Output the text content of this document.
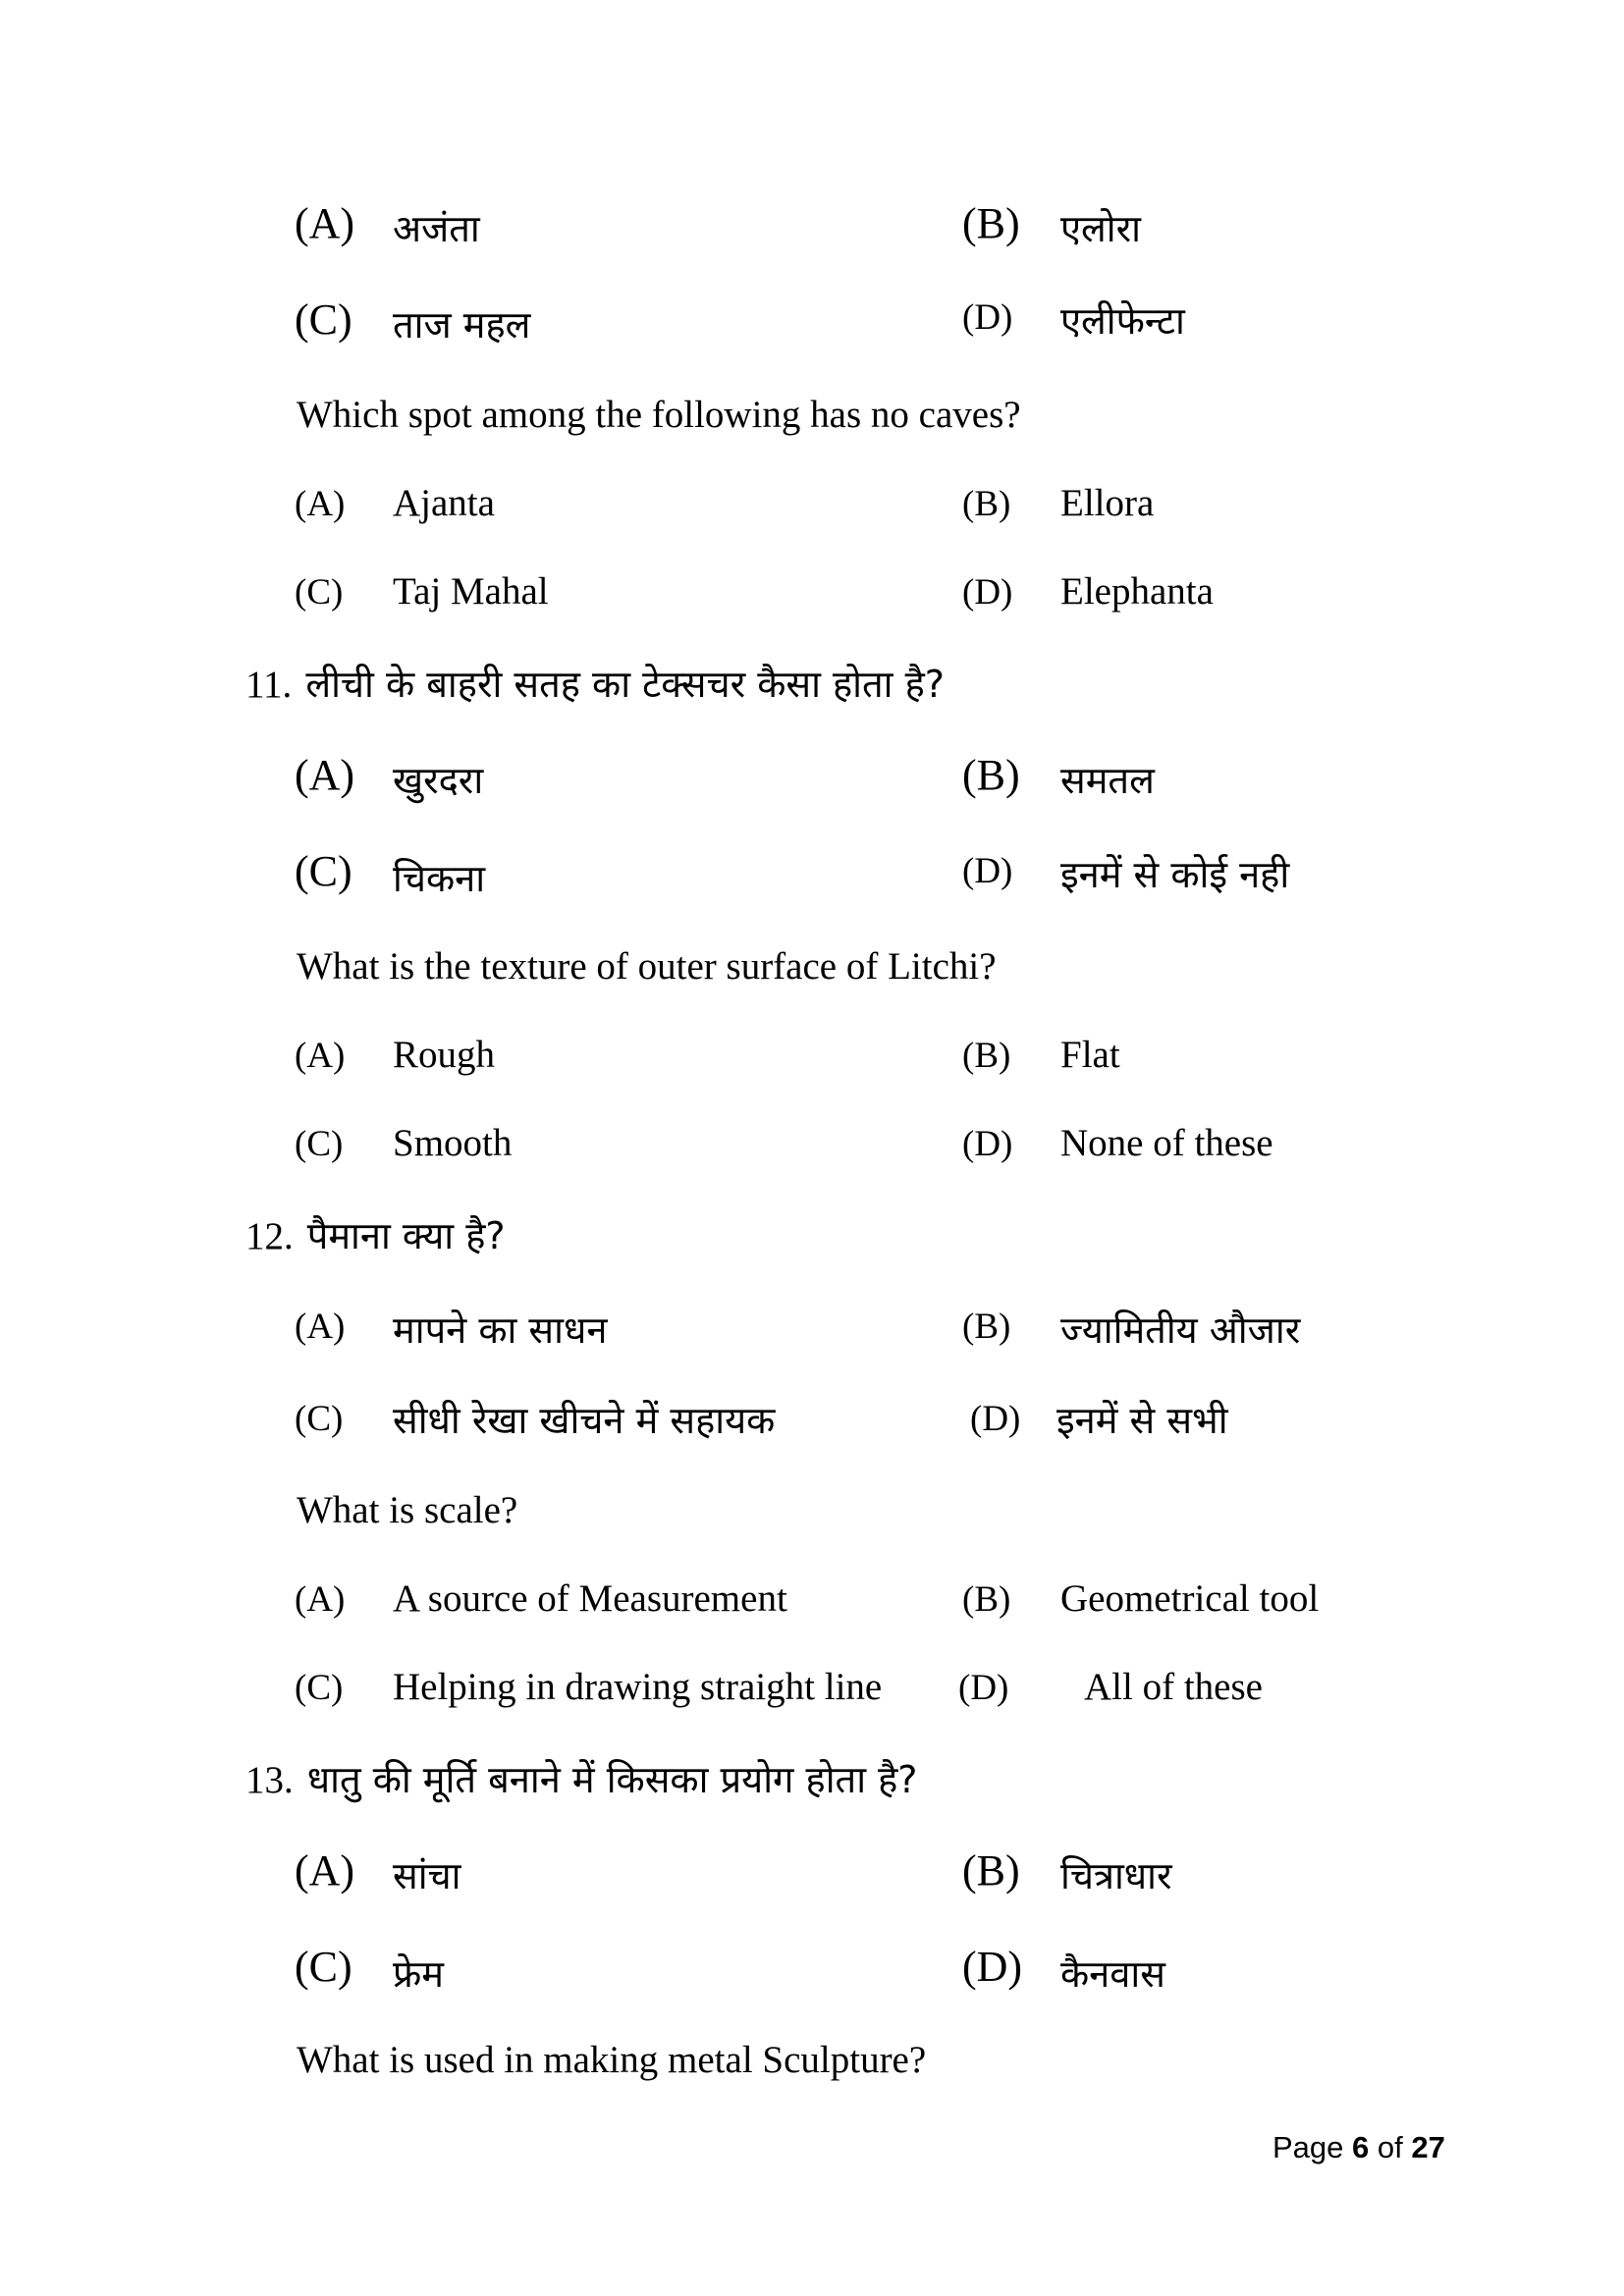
(A) अजंता	(B) एलोरा
(C) ताज महल	(D) एलीफेन्टा
Which spot among the following has no caves?
(A) Ajanta	(B) Ellora
(C) Taj Mahal	(D) Elephanta
11. लीची के बाहरी सतह का टेक्सचर कैसा होता है?
(A) खुरदरा	(B) समतल
(C) चिकना	(D) इनमें से कोई नही
What is the texture of outer surface of Litchi?
(A) Rough	(B) Flat
(C) Smooth	(D) None of these
12. पैमाना क्या है?
(A) मापने का साधन	(B) ज्यामितीय औजार
(C) सीधी रेखा खीचने में सहायक	(D) इनमें से सभी
What is scale?
(A) A source of Measurement	(B) Geometrical tool
(C) Helping in drawing straight line (D) All of these
13. धातु की मूर्ति बनाने में किसका प्रयोग होता है?
(A) सांचा	(B) चित्राधार
(C) फ्रेम	(D) कैनवास
What is used in making metal Sculpture?
Page 6 of 27
